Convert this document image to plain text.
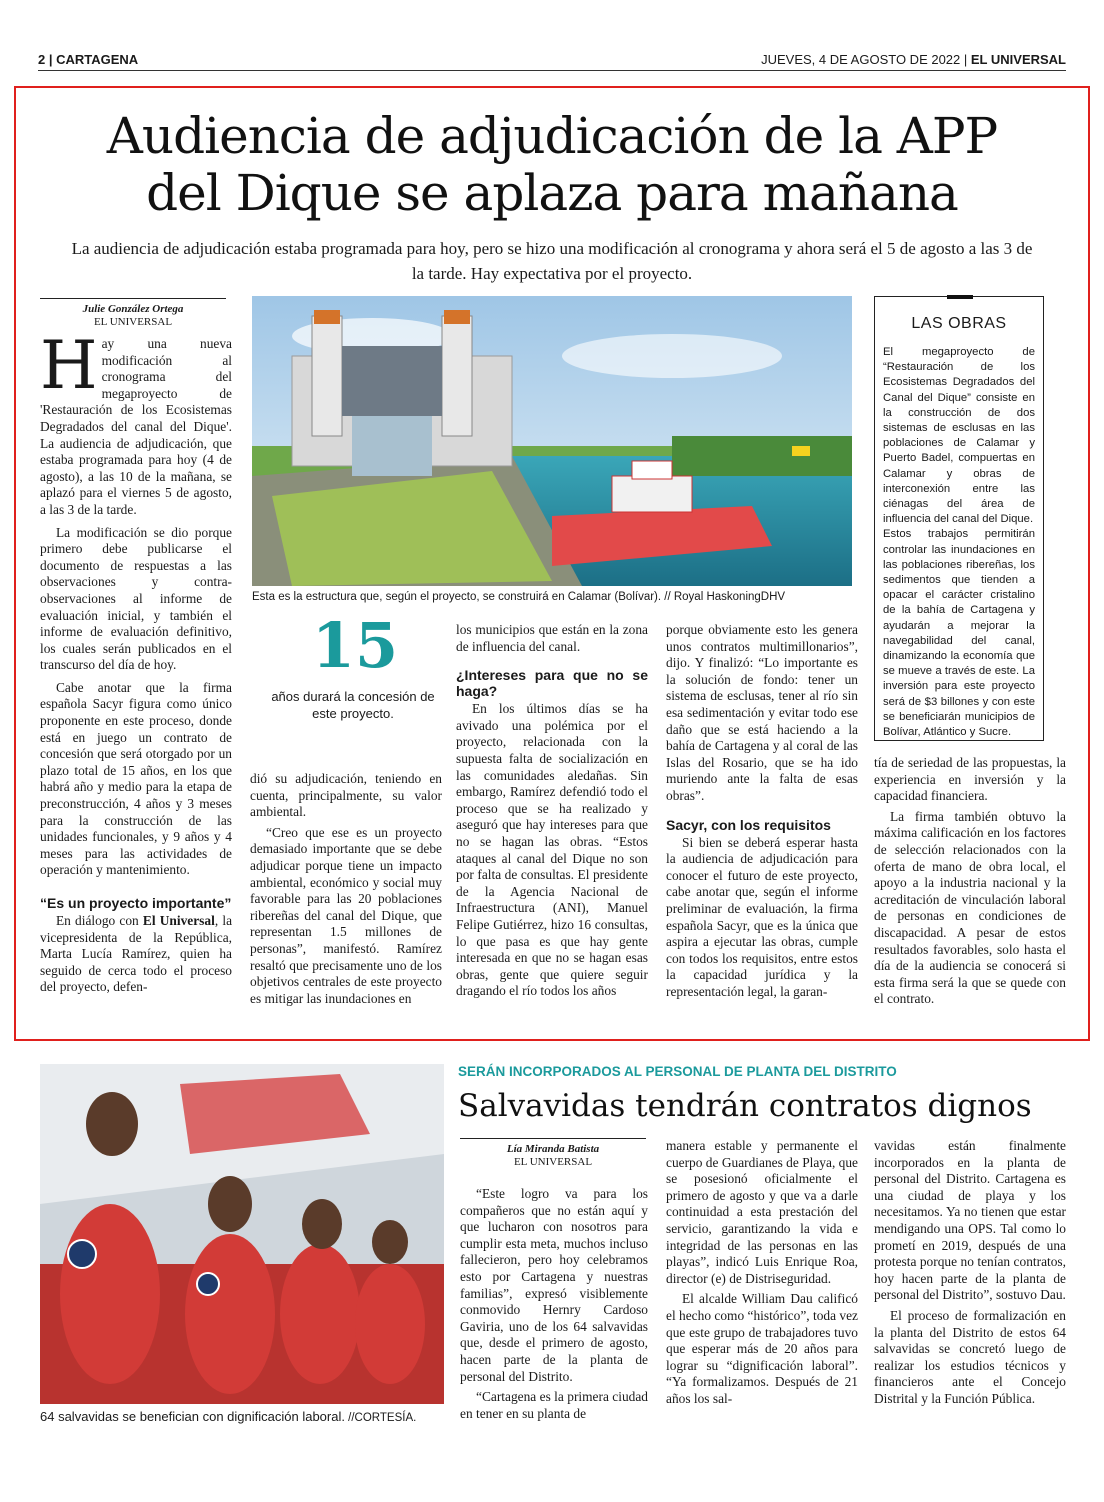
2 | CARTAGENA	JUEVES, 4 DE AGOSTO DE 2022 | EL UNIVERSAL
Audiencia de adjudicación de la APP
del Dique se aplaza para mañana
La audiencia de adjudicación estaba programada para hoy, pero se hizo una modificación al cronograma y ahora será el 5 de agosto a las 3 de la tarde. Hay expectativa por el proyecto.
Julie González Ortega
EL UNIVERSAL
H ay una nueva modificación al cronograma del megaproyecto de 'Restauración de los Ecosistemas Degradados del canal del Dique'. La audiencia de adjudicación, que estaba programada para hoy (4 de agosto), a las 10 de la mañana, se aplazó para el viernes 5 de agosto, a las 3 de la tarde.

La modificación se dio porque primero debe publicarse el documento de respuestas a las observaciones y contra-observaciones al informe de evaluación inicial, y también el informe de evaluación definitivo, los cuales serán publicados en el transcurso del día de hoy.

Cabe anotar que la firma española Sacyr figura como único proponente en este proceso, donde está en juego un contrato de concesión que será otorgado por un plazo total de 15 años, en los que habrá año y medio para la etapa de preconstrucción, 4 años y 3 meses para la construcción de las unidades funcionales, y 9 años y 4 meses para las actividades de operación y mantenimiento.

“Es un proyecto importante”

En diálogo con El Universal, la vicepresidenta de la República, Marta Lucía Ramírez, quien ha seguido de cerca todo el proceso del proyecto, defen-

Esta es la estructura que, según el proyecto, se construirá en Calamar (Bolívar). // Royal HaskoningDHV
LAS OBRAS

El megaproyecto de “Restauración de los Ecosistemas Degradados del Canal del Dique” consiste en la construcción de dos sistemas de esclusas en las poblaciones de Calamar y Puerto Badel, compuertas en Calamar y obras de interconexión entre las ciénagas del área de influencia del canal del Dique.

Estos trabajos permitirán controlar las inundaciones en las poblaciones ribereñas, los sedimentos que tienden a opacar el carácter cristalino de la bahía de Cartagena y ayudarán a mejorar la navegabilidad del canal, dinamizando la economía que se mueve a través de este. La inversión para este proyecto será de $3 billones y con este se beneficiarán municipios de Bolívar, Atlántico y Sucre.

15
años durará la concesión de este proyecto.

dió su adjudicación, teniendo en cuenta, principalmente, su valor ambiental.

“Creo que ese es un proyecto demasiado importante que se debe adjudicar porque tiene un impacto ambiental, económico y social muy favorable para las 20 poblaciones ribereñas del canal del Dique, que representan 1.5 millones de personas”, manifestó. Ramírez resaltó que precisamente uno de los objetivos centrales de este proyecto es mitigar las inundaciones en

los municipios que están en la zona de influencia del canal.

¿Intereses para que no se haga?

En los últimos días se ha avivado una polémica por el proyecto, relacionada con la supuesta falta de socialización en las comunidades aledañas. Sin embargo, Ramírez defendió todo el proceso que se ha realizado y aseguró que hay intereses para que no se hagan las obras. “Estos ataques al canal del Dique no son por falta de consultas. El presidente de la Agencia Nacional de Infraestructura (ANI), Manuel Felipe Gutiérrez, hizo 16 consultas, lo que pasa es que hay gente interesada en que no se hagan esas obras, gente que quiere seguir dragando el río todos los años

porque obviamente esto les genera unos contratos multimillonarios”, dijo. Y finalizó: “Lo importante es la solución de fondo: tener un sistema de esclusas, tener al río sin esa sedimentación y evitar todo ese daño que se está haciendo a la bahía de Cartagena y al coral de las Islas del Rosario, que se ha ido muriendo ante la falta de esas obras”.

Sacyr, con los requisitos

Si bien se deberá esperar hasta la audiencia de adjudicación para conocer el futuro de este proyecto, cabe anotar que, según el informe preliminar de evaluación, la firma española Sacyr, que es la única que aspira a ejecutar las obras, cumple con todos los requisitos, entre estos la capacidad jurídica y la representación legal, la garan-

tía de seriedad de las propuestas, la experiencia en inversión y la capacidad financiera.

La firma también obtuvo la máxima calificación en los factores de selección relacionados con la oferta de mano de obra local, el apoyo a la industria nacional y la acreditación de vinculación laboral de personas en condiciones de discapacidad. A pesar de estos resultados favorables, solo hasta el día de la audiencia se conocerá si esta firma será la que se quede con el contrato.

64 salvavidas se benefician con dignificación laboral. //CORTESÍA.
SERÁN INCORPORADOS AL PERSONAL DE PLANTA DEL DISTRITO
Salvavidas tendrán contratos dignos
Lía Miranda Batista
EL UNIVERSAL

“Este logro va para los compañeros que no están aquí y que lucharon con nosotros para cumplir esta meta, muchos incluso fallecieron, pero hoy celebramos esto por Cartagena y nuestras familias”, expresó visiblemente conmovido Hernry Cardoso Gaviria, uno de los 64 salvavidas que, desde el primero de agosto, hacen parte de la planta de personal del Distrito.

“Cartagena es la primera ciudad en tener en su planta de

manera estable y permanente el cuerpo de Guardianes de Playa, que se posesionó oficialmente el primero de agosto y que va a darle continuidad a esta prestación del servicio, garantizando la vida e integridad de las personas en las playas”, indicó Luis Enrique Roa, director (e) de Distriseguridad.

El alcalde William Dau calificó el hecho como “histórico”, toda vez que este grupo de trabajadores tuvo que esperar más de 20 años para lograr su “dignificación laboral”. “Ya formalizamos. Después de 21 años los sal-

vavidas están finalmente incorporados en la planta de personal del Distrito. Cartagena es una ciudad de playa y los necesitamos. Ya no tienen que estar mendigando una OPS. Tal como lo prometí en 2019, después de una protesta porque no tenían contratos, hoy hacen parte de la planta de personal del Distrito”, sostuvo Dau.

El proceso de formalización en la planta del Distrito de estos 64 salvavidas se concretó luego de realizar los estudios técnicos y financieros ante el Concejo Distrital y la Función Pública.
